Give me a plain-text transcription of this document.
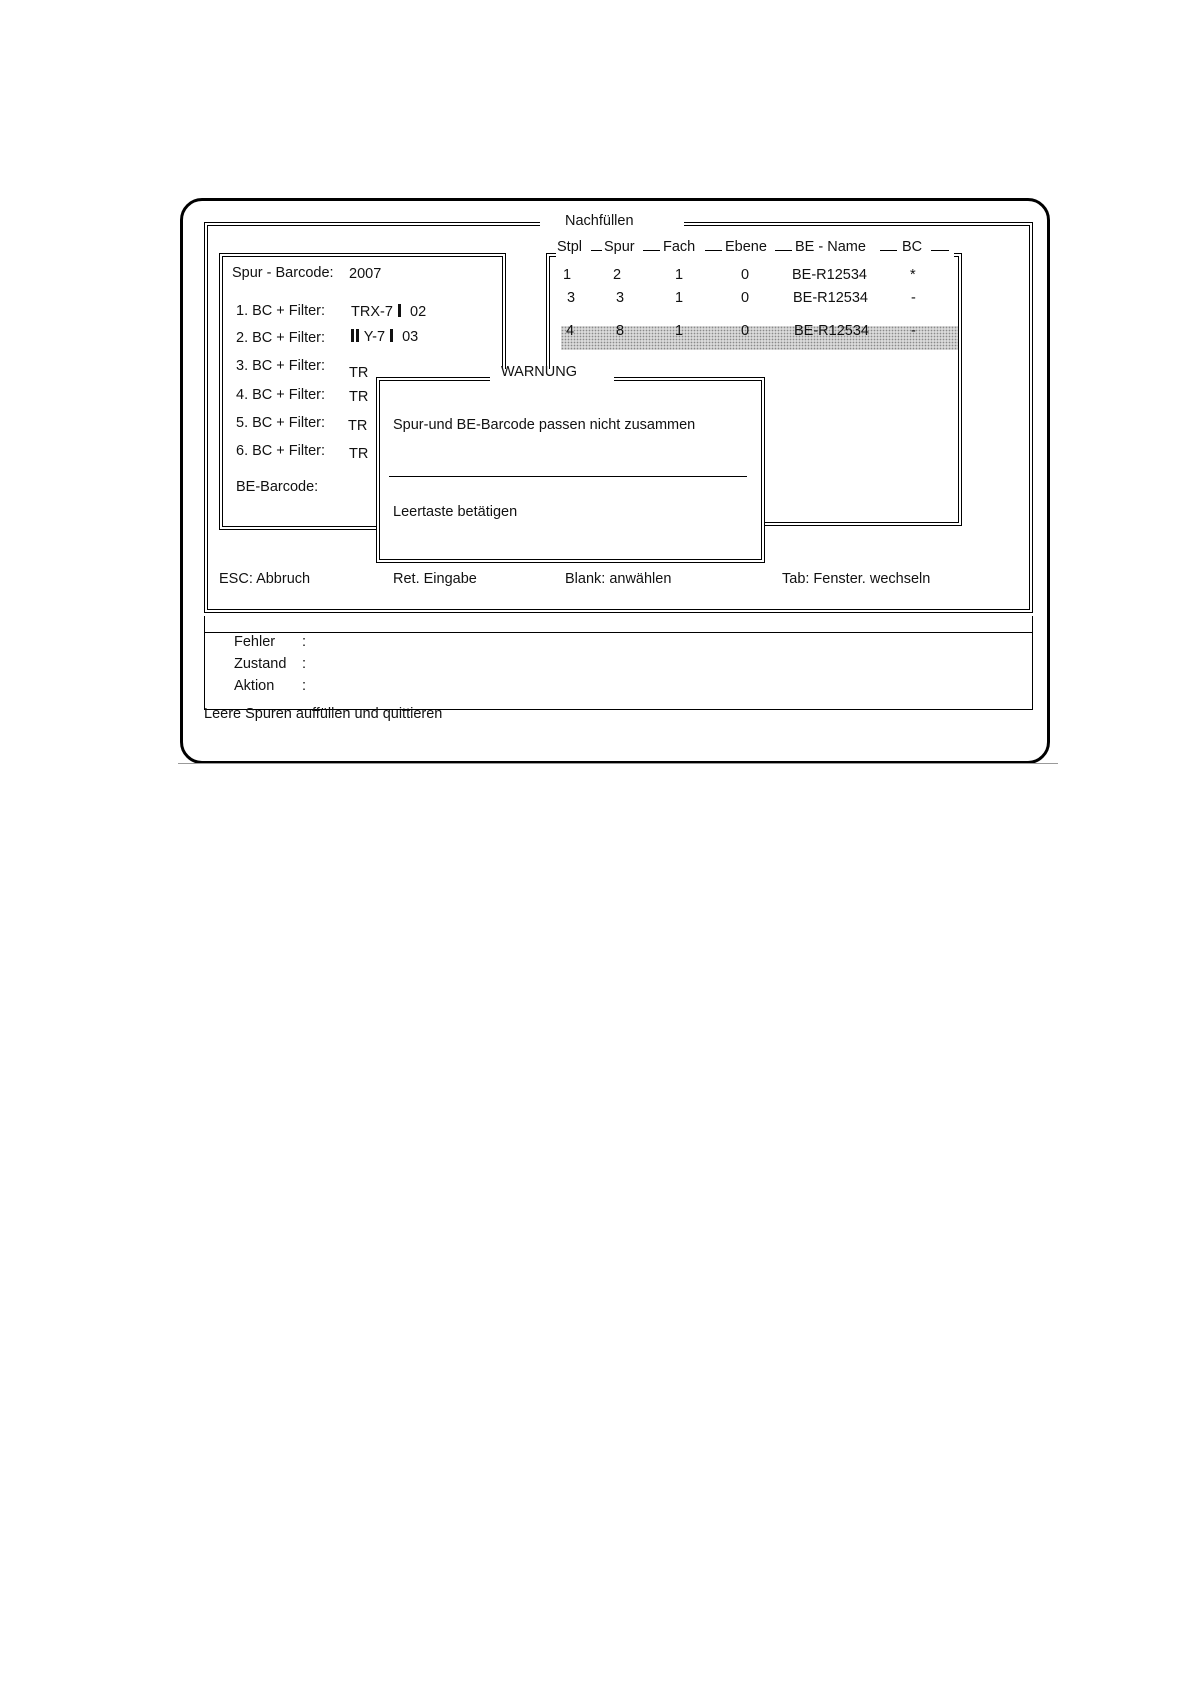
Nachfüllen
Spur - Barcode: 2007
1. BC + Filter: TRX-7 02
2. BC + Filter:	Y-7 03
3. BC + Filter: TR
4. BC + Filter: TR
5. BC + Filter: TR
6. BC + Filter: TR
BE-Barcode:
Stpl Spur Fach Ebene BE - Name BC
1	2	1	0	BE-R12534	*
3	3	1	0	BE-R12534	-
4	8	1	0	BE-R12534	-
WARNUNG
Spur-und BE-Barcode passen nicht zusammen
Leertaste betätigen
ESC: Abbruch	Ret. Eingabe	Blank: anwählen	Tab: Fenster. wechseln
Fehler :
Zustand :
Aktion :
Leere Spuren auffüllen und quittieren
